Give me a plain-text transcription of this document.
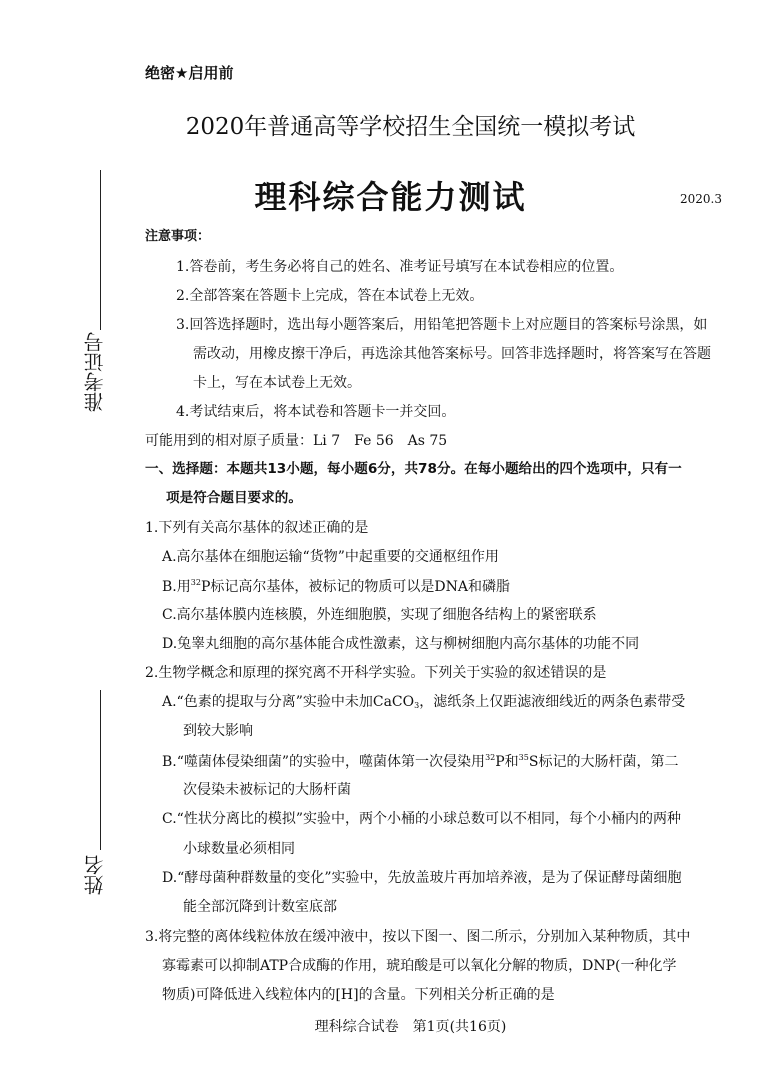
绝密★启用前
2020年普通高等学校招生全国统一模拟考试
理科综合能力测试	2020.3
准考证号
姓名
注意事项：
1.答卷前，考生务必将自己的姓名、准考证号填写在本试卷相应的位置。
2.全部答案在答题卡上完成，答在本试卷上无效。
3.回答选择题时，选出每小题答案后，用铅笔把答题卡上对应题目的答案标号涂黑，如
需改动，用橡皮擦干净后，再选涂其他答案标号。回答非选择题时，将答案写在答题
卡上，写在本试卷上无效。
4.考试结束后，将本试卷和答题卡一并交回。
可能用到的相对原子质量：Li 7　Fe 56　As 75
一、选择题：本题共13小题，每小题6分，共78分。在每小题给出的四个选项中，只有一
项是符合题目要求的。
1.下列有关高尔基体的叙述正确的是
A.高尔基体在细胞运输“货物”中起重要的交通枢纽作用
B.用$^{32}$P标记高尔基体，被标记的物质可以是DNA和磷脂
C.高尔基体膜内连核膜，外连细胞膜，实现了细胞各结构上的紧密联系
D.兔睾丸细胞的高尔基体能合成性激素，这与柳树细胞内高尔基体的功能不同
2.生物学概念和原理的探究离不开科学实验。下列关于实验的叙述错误的是
A.“色素的提取与分离”实验中未加CaCO$_3$，滤纸条上仅距滤液细线近的两条色素带受
到较大影响
B.“噬菌体侵染细菌”的实验中，噬菌体第一次侵染用$^{32}$P和$^{35}$S标记的大肠杆菌，第二
次侵染未被标记的大肠杆菌
C.“性状分离比的模拟”实验中，两个小桶的小球总数可以不相同，每个小桶内的两种
小球数量必须相同
D.“酵母菌种群数量的变化”实验中，先放盖玻片再加培养液，是为了保证酵母菌细胞
能全部沉降到计数室底部
3.将完整的离体线粒体放在缓冲液中，按以下图一、图二所示，分别加入某种物质，其中
寡霉素可以抑制ATP合成酶的作用，琥珀酸是可以氧化分解的物质，DNP(一种化学
物质)可降低进入线粒体内的[H]的含量。下列相关分析正确的是
理科综合试卷　第1页(共16页)
